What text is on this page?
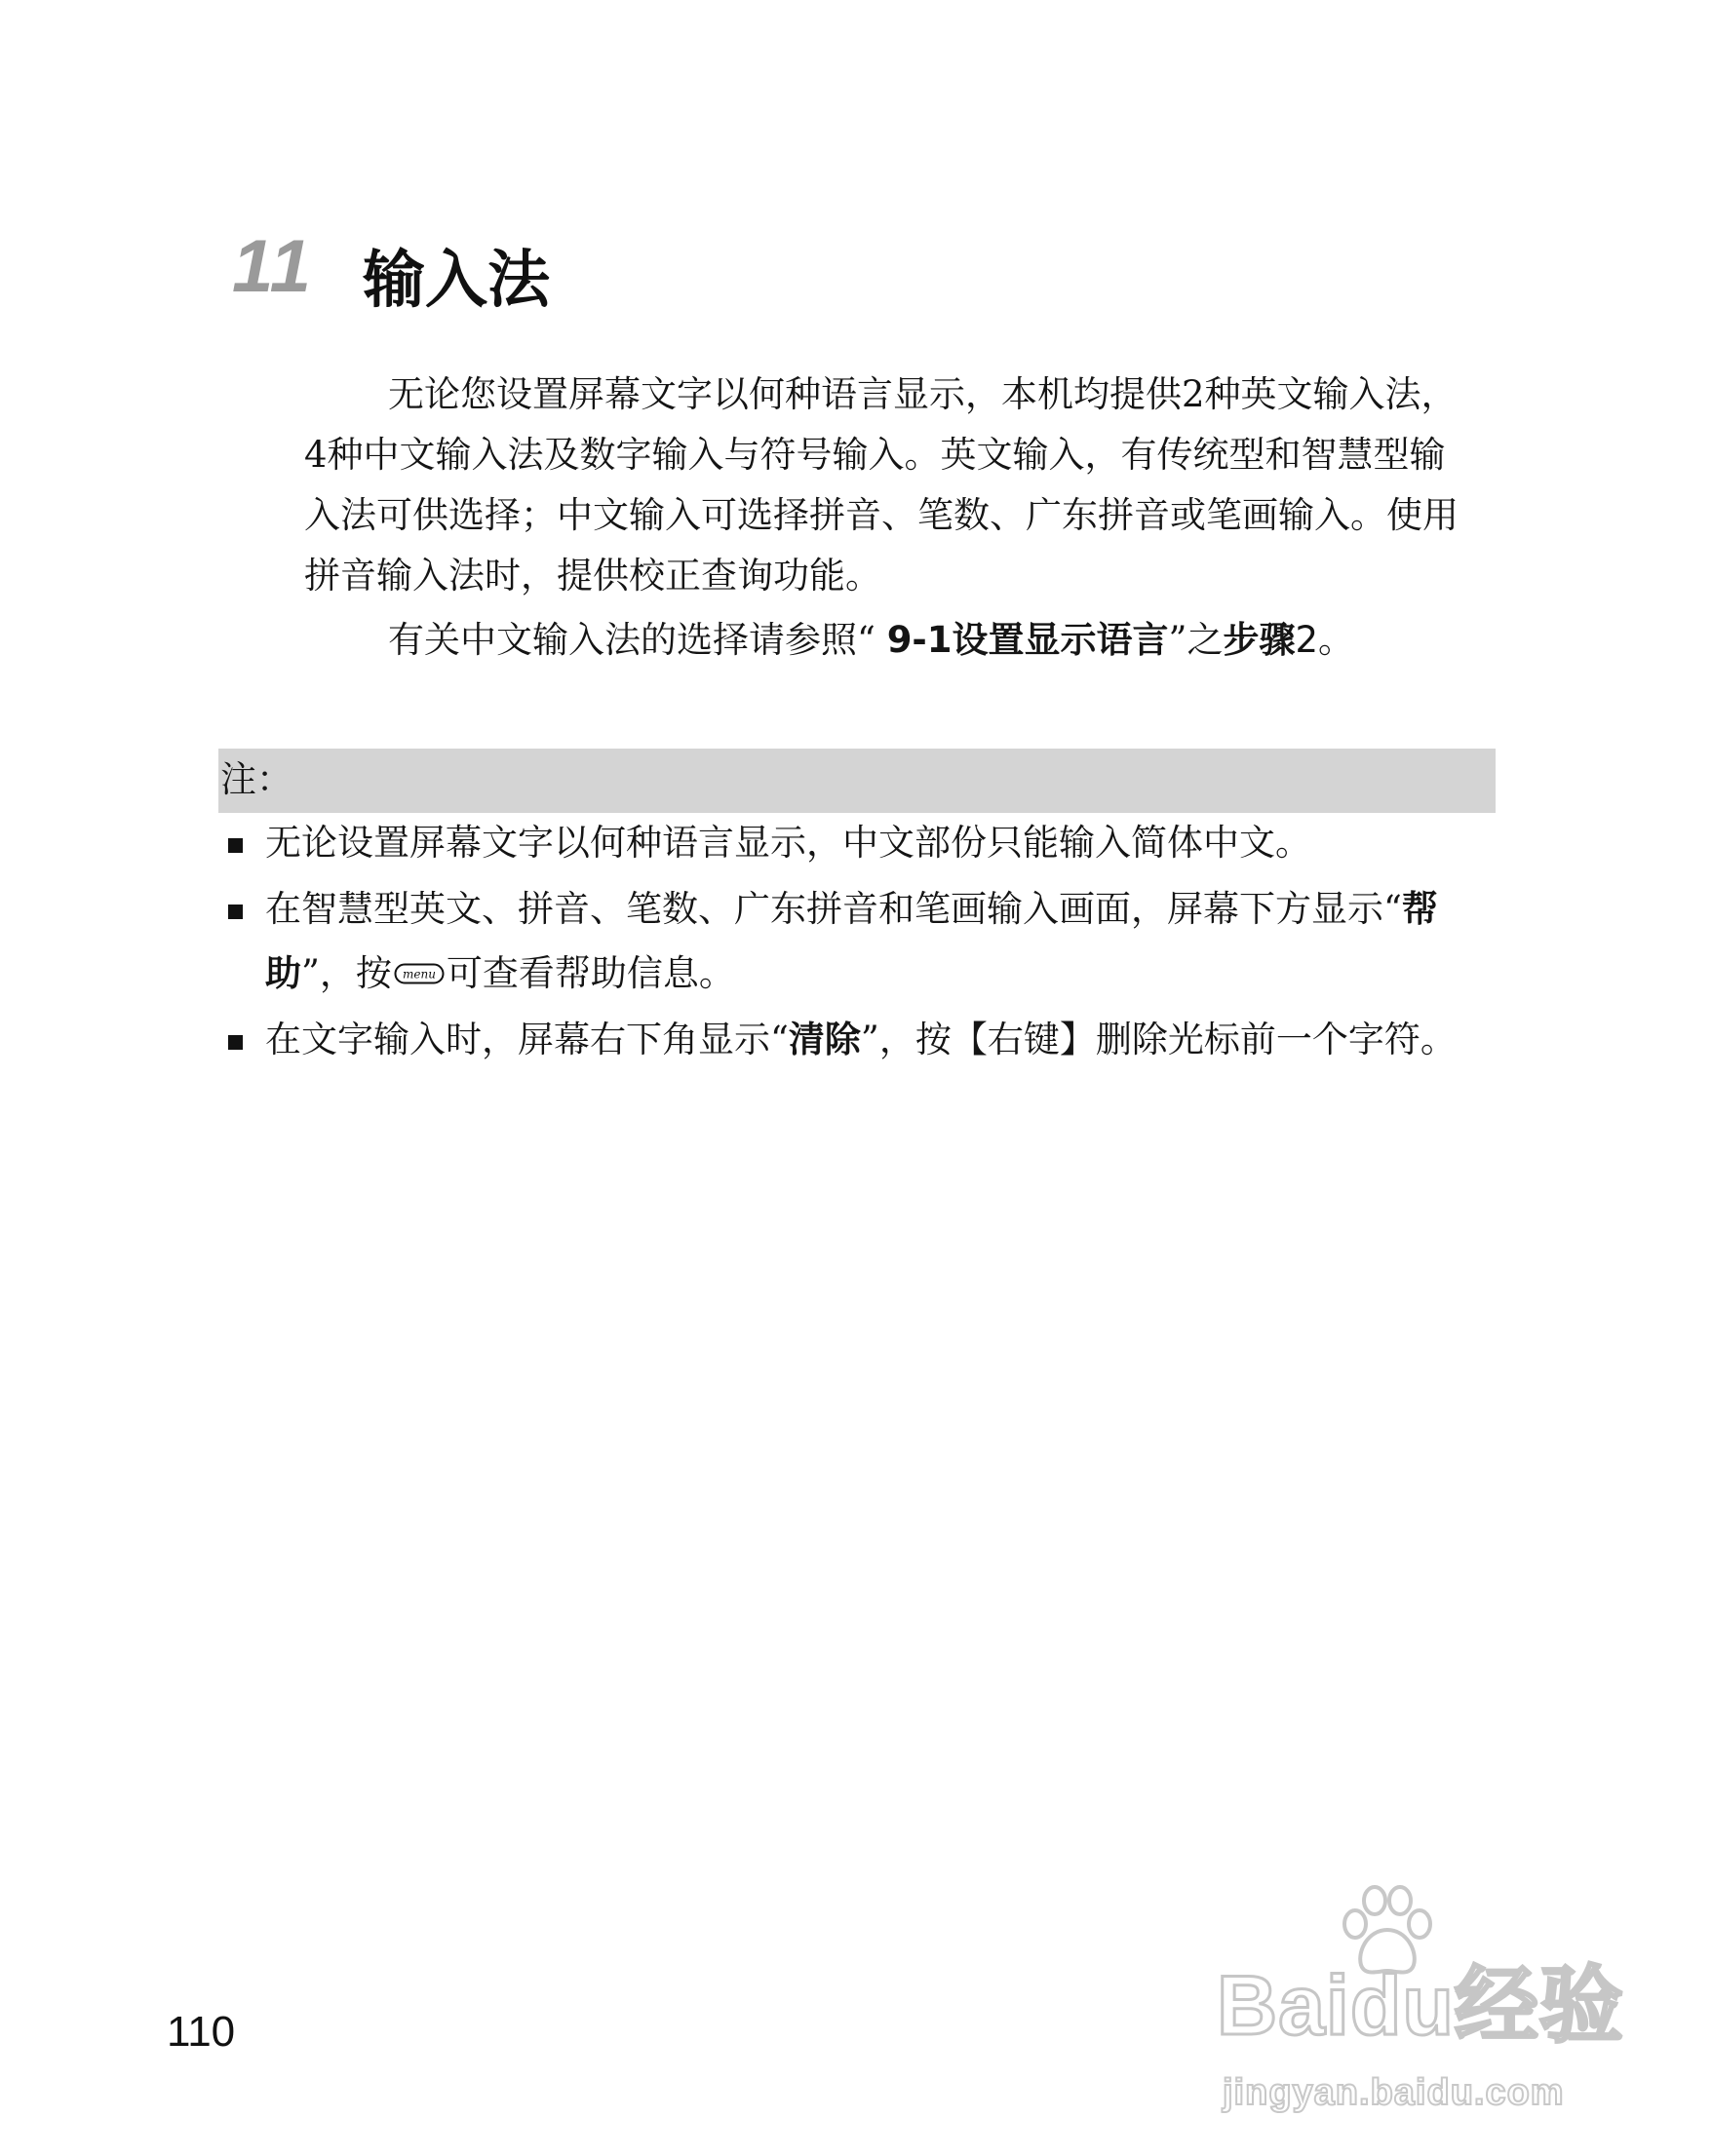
11 输入法

无论您设置屏幕文字以何种语言显示，本机均提供2种英文输入法，4种中文输入法及数字输入与符号输入。英文输入，有传统型和智慧型输入法可供选择；中文输入可选择拼音、笔数、广东拼音或笔画输入。使用拼音输入法时，提供校正查询功能。

有关中文输入法的选择请参照“ 9-1设置显示语言”之步骤2。

注：
无论设置屏幕文字以何种语言显示，中文部份只能输入简体中文。
在智慧型英文、拼音、笔数、广东拼音和笔画输入画面，屏幕下方显示“帮助”，按 menu 可查看帮助信息。
在文字输入时，屏幕右下角显示“清除”，按【右键】删除光标前一个字符。
110	Baidu经验
jingyan.baidu.com
